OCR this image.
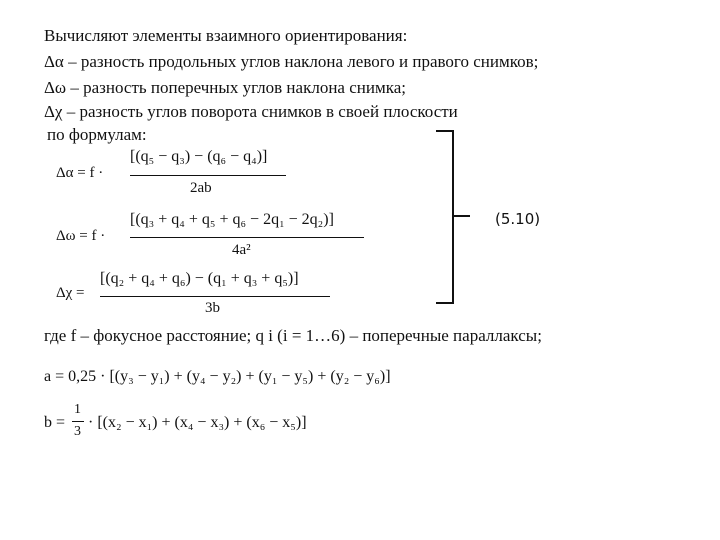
Вычисляют элементы взаимного ориентирования:
Δα – разность продольных углов наклона левого и правого снимков;
Δω – разность поперечных углов наклона снимка;
Δχ – разность углов поворота снимков в своей плоскости
по формулам:
Δα = f ·
[(q₅ − q₃) − (q₆ − q₄)]
2ab
Δω = f ·
[(q₃ + q₄ + q₅ + q₆ − 2q₁ − 2q₂)]
4a²
Δχ =
[(q₂ + q₄ + q₆) − (q₁ + q₃ + q₅)]
3b
(5.10)
где f – фокусное расстояние; q i (i = 1…6) – поперечные параллаксы;
a = 0,25 · [(y₃ − y₁) + (y₄ − y₂) + (y₁ − y₅) + (y₂ − y₆)]
b =
1
3
· [(x₂ − x₁) + (x₄ − x₃) + (x₆ − x₅)]
